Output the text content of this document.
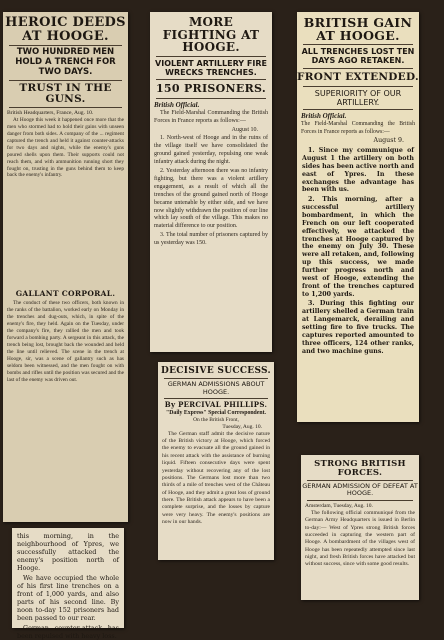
HEROIC DEEDS AT HOOGE.
TWO HUNDRED MEN HOLD A TRENCH FOR TWO DAYS.
TRUST IN THE GUNS.
British Headquarters, France, Aug. 10.

At Hooge this week it happened once more that the men who stormed had to hold their gains with unseen danger from both sides. A company of the ... regiment captured the trench and held it against counter-attacks for two days and nights, while the enemy's guns poured shells upon them. Their supports could not reach them, and with ammunition running short they fought on, trusting in the guns behind them to keep back the enemy's infantry.

GALLANT CORPORAL.

The conduct of these two officers, both known in the ranks of the battalion, worked early on Monday in the trenches and dug-outs, which, in spite of the enemy's fire, they held. Again on the Tuesday, under the company's fire, they rallied the men and took forward a bombing party. A sergeant in this attack, the trench being lost, brought back the wounded and held the line until relieved. The scene in the trench at Hooge, sir, was a scene of gallantry such as has seldom been witnessed, and the men fought on with bombs and rifles until the position was secured and the last of the enemy was driven out.

MORE FIGHTING AT HOOGE.
VIOLENT ARTILLERY FIRE WRECKS TRENCHES.
150 PRISONERS.
British Official.

The Field-Marshal Commanding the British Forces in France reports as follows:—

August 10.

1. North-west of Hooge and in the ruins of the village itself we have consolidated the ground gained yesterday, repulsing one weak infantry attack during the night.

2. Yesterday afternoon there was no infantry fighting, but there was a violent artillery engagement, as a result of which all the trenches of the ground gained north of Hooge became untenable by either side, and we have now slightly withdrawn the position of our line which lay south of the village. This makes no material difference to our position.

3. The total number of prisoners captured by us yesterday was 150.

BRITISH GAIN AT HOOGE.
ALL TRENCHES LOST TEN DAYS AGO RETAKEN.
FRONT EXTENDED.
SUPERIORITY OF OUR ARTILLERY.
British Official.
The Field-Marshal Commanding the British Forces in France reports as follows:—

August 9.

1. Since my communique of August 1 the artillery on both sides has been active north and east of Ypres. In these exchanges the advantage has been with us.

2. This morning, after a successful artillery bombardment, in which the French on our left cooperated effectively, we attacked the trenches at Hooge captured by the enemy on July 30. These were all retaken, and, following up this success, we made further progress north and west of Hooge, extending the front of the trenches captured to 1,200 yards.

3. During this fighting our artillery shelled a German train at Langemarck, derailing and setting fire to five trucks. The captures reported amounted to three officers, 124 other ranks, and two machine guns.

DECISIVE SUCCESS.
GERMAN ADMISSIONS ABOUT HOOGE.
By PERCIVAL PHILLIPS.
"Daily Express" Special Correspondent.
On the British Front,
Tuesday, Aug. 10.

The German staff admit the decisive nature of the British victory at Hooge, which forced the enemy to evacuate all the ground gained in his recent attack with the assistance of burning liquid. Fifteen consecutive days were spent yesterday without recovering any of the lost positions. The Germans lost more than two thirds of a mile of trenches west of the Château of Hooge, and they admit a great loss of ground there. The British attack appears to have been a complete surprise, and the losses by capture were very heavy. The enemy's positions are now in our hands.

STRONG BRITISH FORCES.
GERMAN ADMISSION OF DEFEAT AT HOOGE.
Amsterdam, Tuesday, Aug. 10.

The following official communiqué from the German Army Headquarters is issued in Berlin to-day:— West of Ypres strong British forces succeeded in capturing the western part of Hooge. A bombardment of the villages west of Hooge has been repeatedly attempted since last night, and fresh British forces have attacked but without success, since with some good results.

this morning, in the neighbourhood of Ypres, we successfully attacked the enemy's position north of Hooge.

We have occupied the whole of his first line trenches on a front of 1,000 yards, and also parts of his second line. By noon to-day 152 prisoners had been passed to our rear.

German counter-attack has been repulsed with heavy loss.
